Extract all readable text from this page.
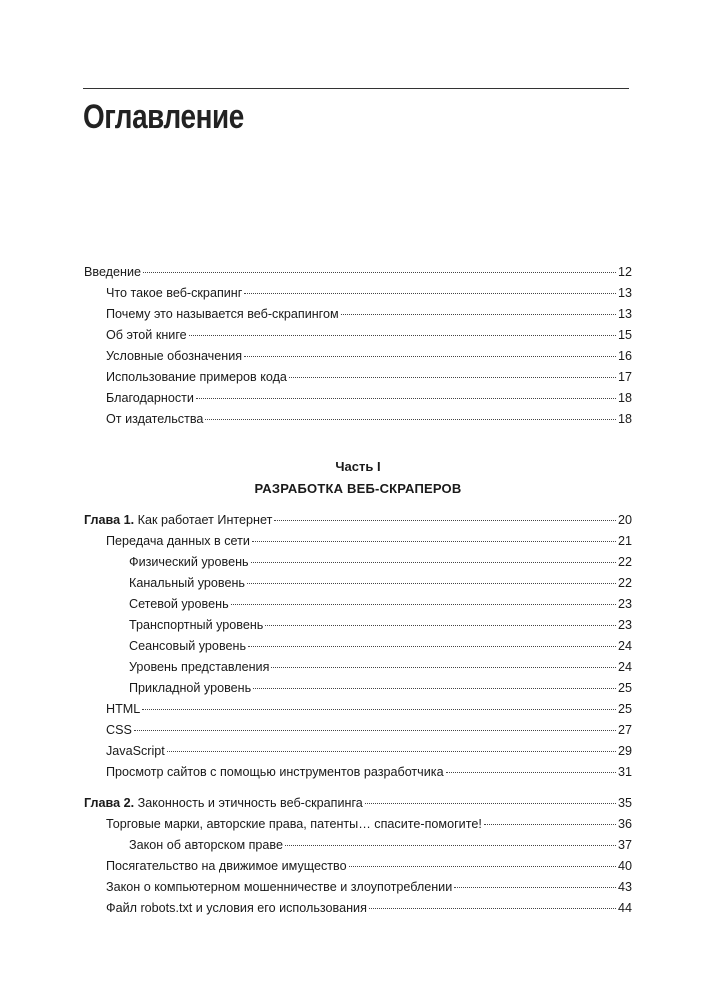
Оглавление
Введение	12
Что такое веб-скрапинг	13
Почему это называется веб-скрапингом	13
Об этой книге	15
Условные обозначения	16
Использование примеров кода	17
Благодарности	18
От издательства	18
Часть I
РАЗРАБОТКА ВЕБ-СКРАПЕРОВ
Глава 1. Как работает Интернет	20
Передача данных в сети	21
Физический уровень	22
Канальный уровень	22
Сетевой уровень	23
Транспортный уровень	23
Сеансовый уровень	24
Уровень представления	24
Прикладной уровень	25
HTML	25
CSS	27
JavaScript	29
Просмотр сайтов с помощью инструментов разработчика	31
Глава 2. Законность и этичность веб-скрапинга	35
Торговые марки, авторские права, патенты… спасите-помогите!	36
Закон об авторском праве	37
Посягательство на движимое имущество	40
Закон о компьютерном мошенничестве и злоупотреблении	43
Файл robots.txt и условия его использования	44
